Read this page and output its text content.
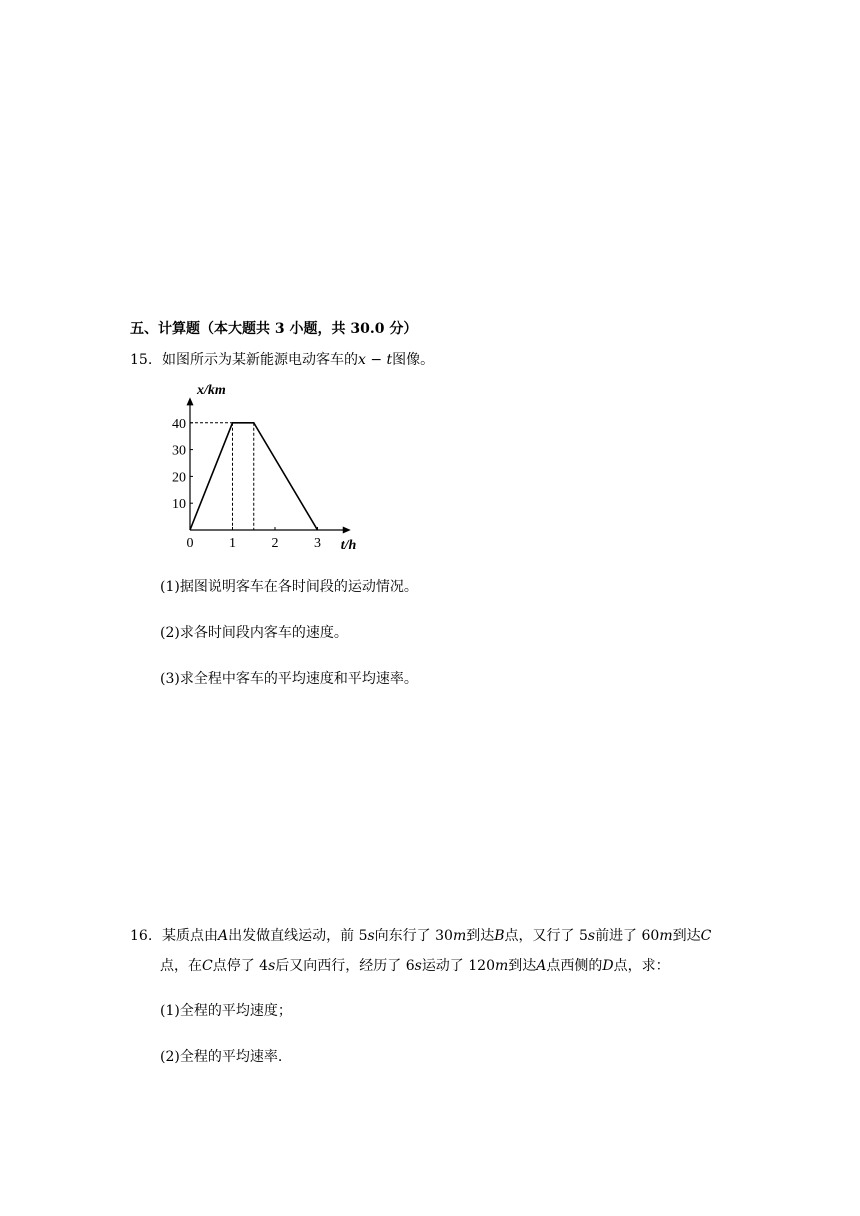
五、计算题（本大题共 3 小题，共 30.0 分）
15. 如图所示为某新能源电动客车的x − t图像。
0	1	2	3
10
20
30
40
x/km
t/h
(1)据图说明客车在各时间段的运动情况。
(2)求各时间段内客车的速度。
(3)求全程中客车的平均速度和平均速率。
16. 某质点由A出发做直线运动，前 5s向东行了 30m到达B点，又行了 5s前进了 60m到达C
点，在C点停了 4s后又向西行，经历了 6s运动了 120m到达A点西侧的D点，求：
(1)全程的平均速度；
(2)全程的平均速率.
